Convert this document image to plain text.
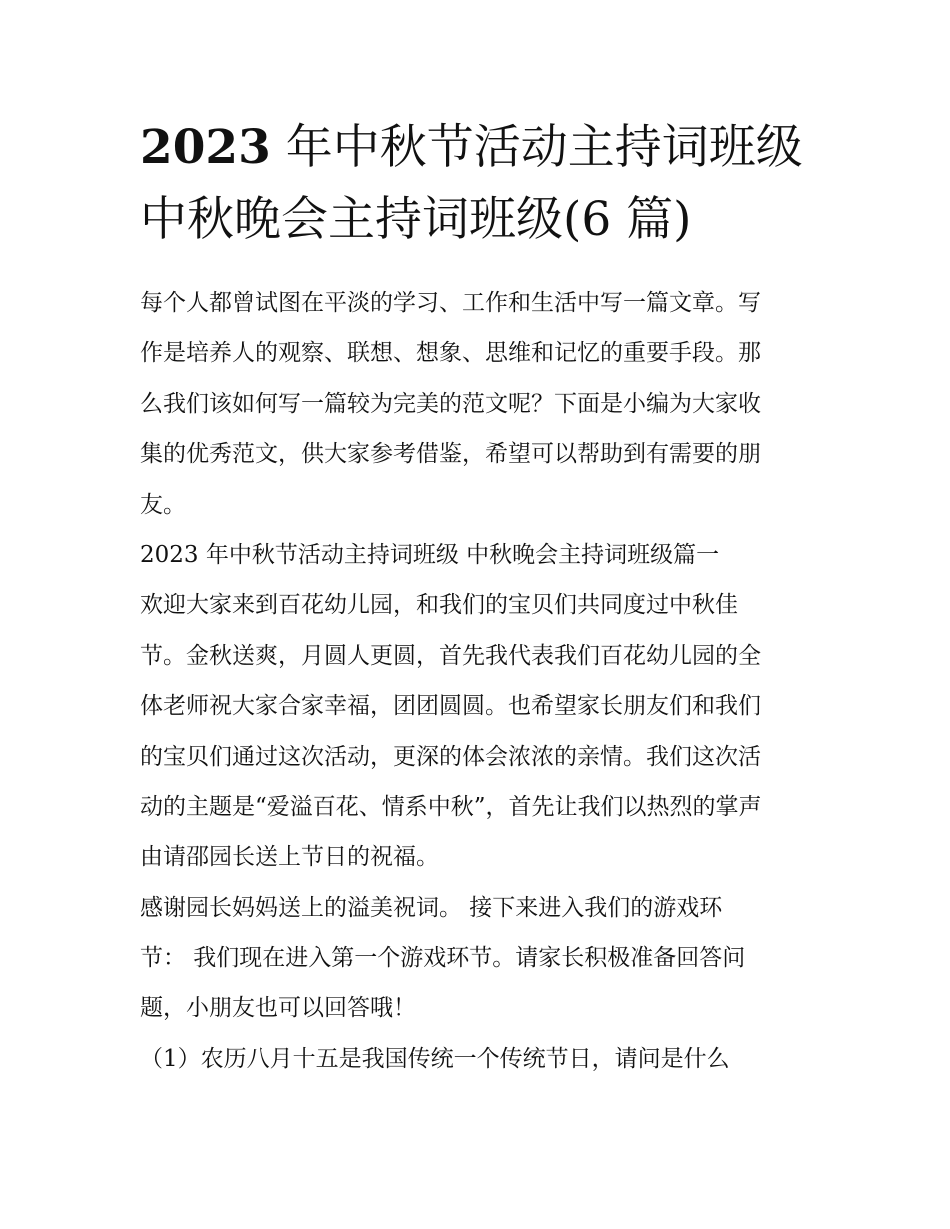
2023 年中秋节活动主持词班级
中秋晚会主持词班级(6 篇)
每个人都曾试图在平淡的学习、工作和生活中写一篇文章。写
作是培养人的观察、联想、想象、思维和记忆的重要手段。那
么我们该如何写一篇较为完美的范文呢？下面是小编为大家收
集的优秀范文，供大家参考借鉴，希望可以帮助到有需要的朋
友。
2023 年中秋节活动主持词班级 中秋晚会主持词班级篇一
欢迎大家来到百花幼儿园，和我们的宝贝们共同度过中秋佳
节。金秋送爽，月圆人更圆，首先我代表我们百花幼儿园的全
体老师祝大家合家幸福，团团圆圆。也希望家长朋友们和我们
的宝贝们通过这次活动，更深的体会浓浓的亲情。我们这次活
动的主题是“爱溢百花、情系中秋”，首先让我们以热烈的掌声
由请邵园长送上节日的祝福。
感谢园长妈妈送上的溢美祝词。 接下来进入我们的游戏环
节： 我们现在进入第一个游戏环节。请家长积极准备回答问
题，小朋友也可以回答哦！
（1）农历八月十五是我国传统一个传统节日，请问是什么
